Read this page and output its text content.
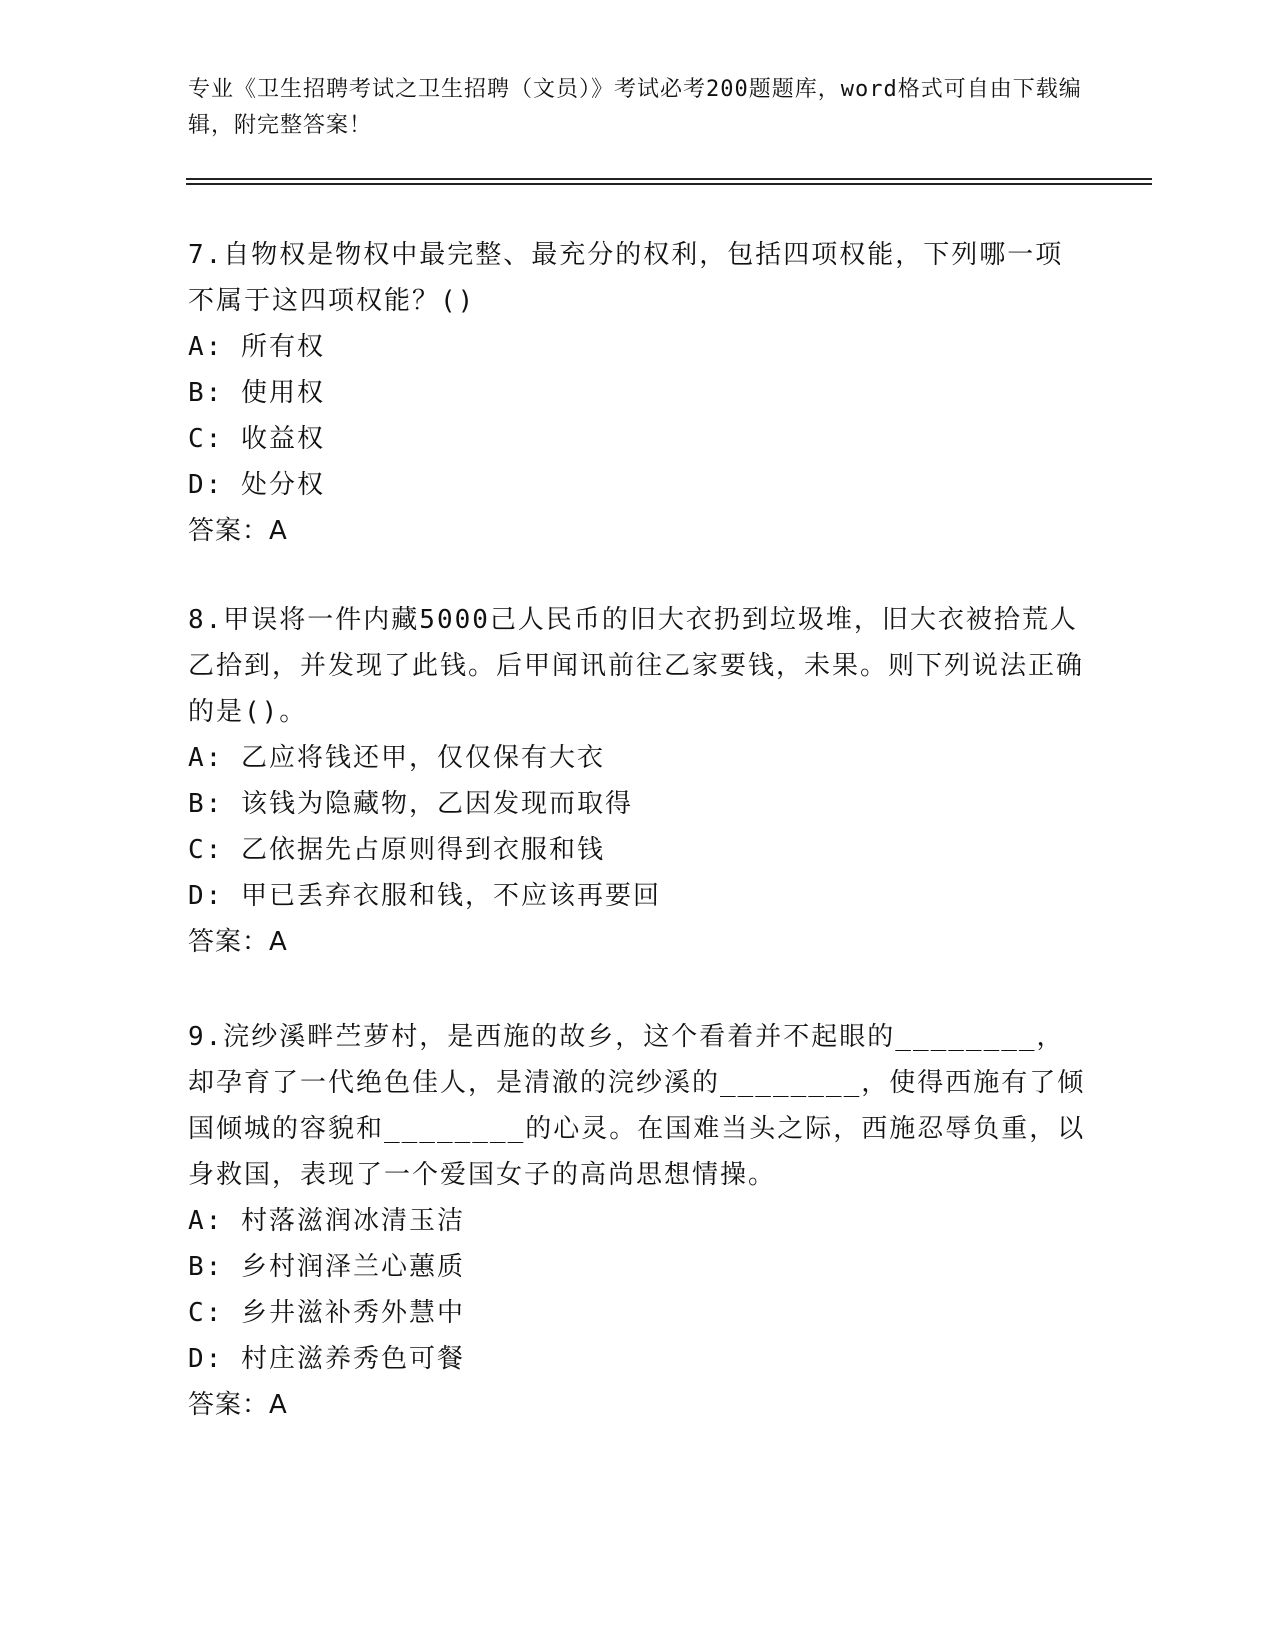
专业《卫生招聘考试之卫生招聘（文员）》考试必考200题题库，word格式可自由下载编辑，附完整答案！

7.自物权是物权中最完整、最充分的权利，包括四项权能，下列哪一项不属于这四项权能？()

A: 所有权

B: 使用权

C: 收益权

D: 处分权

答案：A

8.甲误将一件内藏5000己人民币的旧大衣扔到垃圾堆，旧大衣被拾荒人乙拾到，并发现了此钱。后甲闻讯前往乙家要钱，未果。则下列说法正确的是()。

A: 乙应将钱还甲，仅仅保有大衣

B: 该钱为隐藏物，乙因发现而取得

C: 乙依据先占原则得到衣服和钱

D: 甲已丢弃衣服和钱，不应该再要回

答案：A

9.浣纱溪畔苎萝村，是西施的故乡，这个看着并不起眼的________，却孕育了一代绝色佳人，是清澈的浣纱溪的________，使得西施有了倾国倾城的容貌和________的心灵。在国难当头之际，西施忍辱负重，以身救国，表现了一个爱国女子的高尚思想情操。

A: 村落滋润冰清玉洁

B: 乡村润泽兰心蕙质

C: 乡井滋补秀外慧中

D: 村庄滋养秀色可餐

答案：A
